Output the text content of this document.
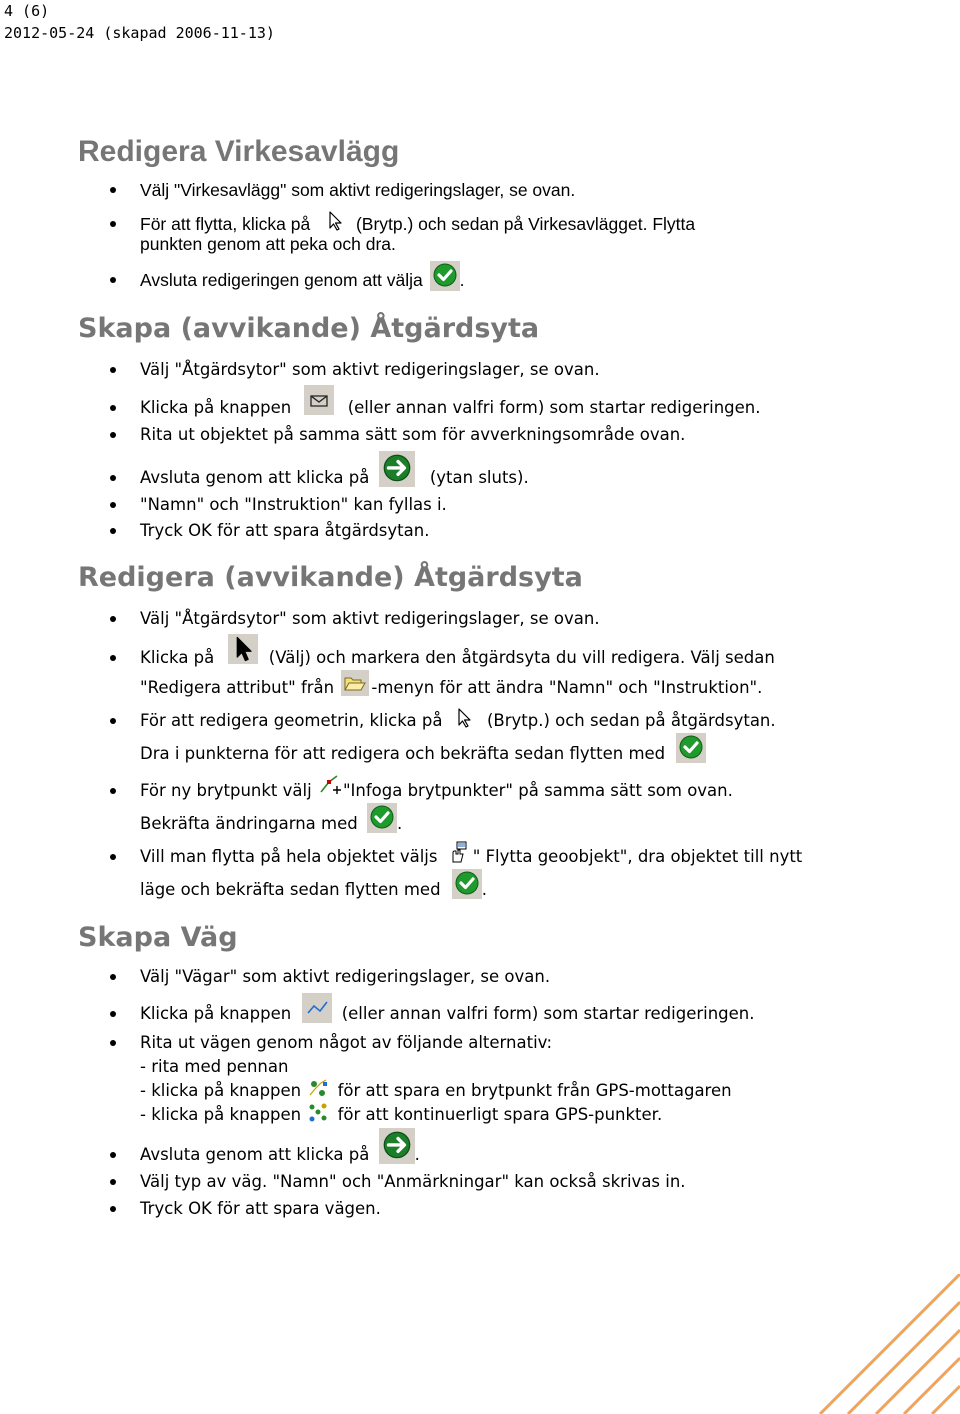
4 (6)
2012-05-24 (skapad 2006-11-13)
Redigera Virkesavlägg
Välj "Virkesavlägg" som aktivt redigeringslager, se ovan.
För att flytta, klicka på	(Brytp.) och sedan på Virkesavlägget. Flytta
punkten genom att peka och dra.
Avsluta redigeringen genom att välja .
Skapa (avvikande) Åtgärdsyta
Välj "Åtgärdsytor" som aktivt redigeringslager, se ovan.
Klicka på knappen	(eller annan valfri form) som startar redigeringen.
Rita ut objektet på samma sätt som för avverkningsområde ovan.
Avsluta genom att klicka på	(ytan sluts).
"Namn" och "Instruktion" kan fyllas i.
Tryck OK för att spara åtgärdsytan.
Redigera (avvikande) Åtgärdsyta
Välj "Åtgärdsytor" som aktivt redigeringslager, se ovan.
Klicka på	(Välj) och markera den åtgärdsyta du vill redigera. Välj sedan
"Redigera attribut" från -menyn för att ändra "Namn" och "Instruktion".
För att redigera geometrin, klicka på	(Brytp.) och sedan på åtgärdsytan.
Dra i punkterna för att redigera och bekräfta sedan flytten med
För ny brytpunkt välj "Infoga brytpunkter" på samma sätt som ovan.
Bekräfta ändringarna med .
Vill man flytta på hela objektet väljs " Flytta geoobjekt", dra objektet till nytt
läge och bekräfta sedan flytten med	.
Skapa Väg
Välj "Vägar" som aktivt redigeringslager, se ovan.
Klicka på knappen	(eller annan valfri form) som startar redigeringen.
Rita ut vägen genom något av följande alternativ:
- rita med pennan
- klicka på knappen för att spara en brytpunkt från GPS-mottagaren
- klicka på knappen för att kontinuerligt spara GPS-punkter.
Avsluta genom att klicka på	.
Välj typ av väg. "Namn" och "Anmärkningar" kan också skrivas in.
Tryck OK för att spara vägen.
